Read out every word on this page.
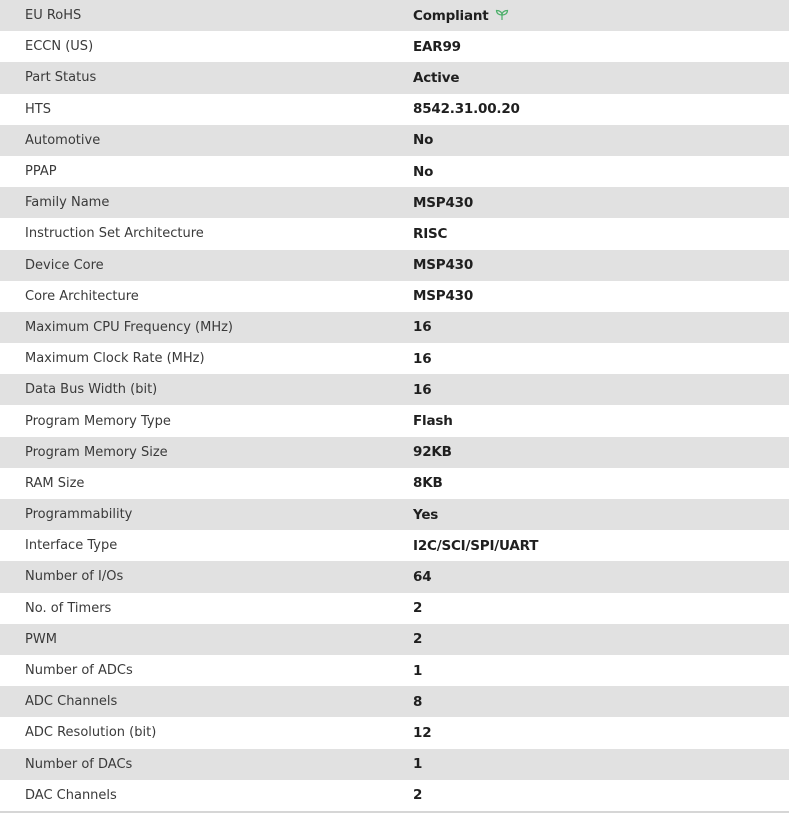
EU RoHS	Compliant
ECCN (US)	EAR99
Part Status	Active
HTS	8542.31.00.20
Automotive	No
PPAP	No
Family Name	MSP430
Instruction Set Architecture	RISC
Device Core	MSP430
Core Architecture	MSP430
Maximum CPU Frequency (MHz)	16
Maximum Clock Rate (MHz)	16
Data Bus Width (bit)	16
Program Memory Type	Flash
Program Memory Size	92KB
RAM Size	8KB
Programmability	Yes
Interface Type	I2C/SCI/SPI/UART
Number of I/Os	64
No. of Timers	2
PWM	2
Number of ADCs	1
ADC Channels	8
ADC Resolution (bit)	12
Number of DACs	1
DAC Channels	2
